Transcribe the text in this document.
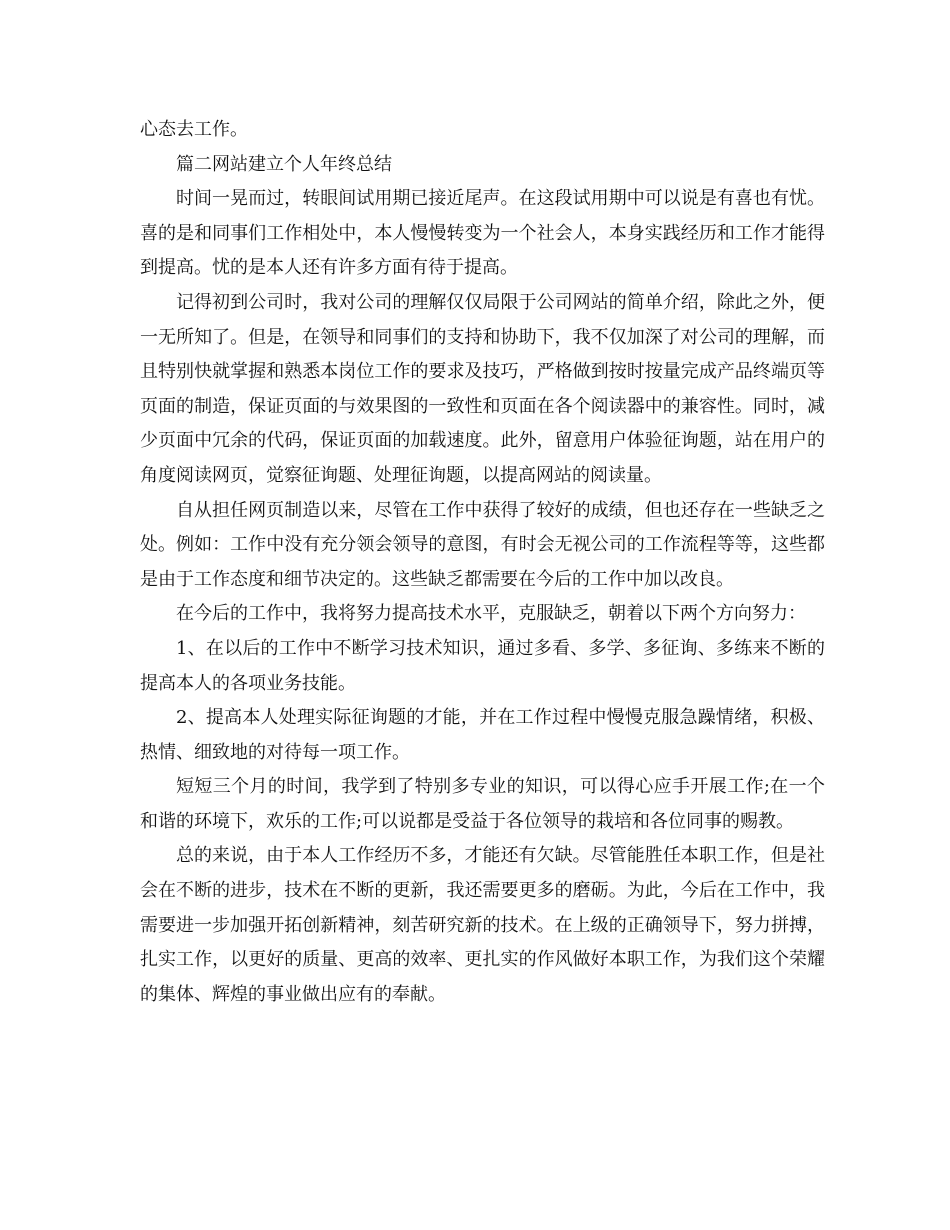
心态去工作。

篇二网站建立个人年终总结

时间一晃而过，转眼间试用期已接近尾声。在这段试用期中可以说是有喜也有忧。喜的是和同事们工作相处中，本人慢慢转变为一个社会人，本身实践经历和工作才能得到提高。忧的是本人还有许多方面有待于提高。

记得初到公司时，我对公司的理解仅仅局限于公司网站的简单介绍，除此之外，便一无所知了。但是，在领导和同事们的支持和协助下，我不仅加深了对公司的理解，而且特别快就掌握和熟悉本岗位工作的要求及技巧，严格做到按时按量完成产品终端页等页面的制造，保证页面的与效果图的一致性和页面在各个阅读器中的兼容性。同时，减少页面中冗余的代码，保证页面的加载速度。此外，留意用户体验征询题，站在用户的角度阅读网页，觉察征询题、处理征询题，以提高网站的阅读量。

自从担任网页制造以来，尽管在工作中获得了较好的成绩，但也还存在一些缺乏之处。例如：工作中没有充分领会领导的意图，有时会无视公司的工作流程等等，这些都是由于工作态度和细节决定的。这些缺乏都需要在今后的工作中加以改良。

在今后的工作中，我将努力提高技术水平，克服缺乏，朝着以下两个方向努力：

1、在以后的工作中不断学习技术知识，通过多看、多学、多征询、多练来不断的提高本人的各项业务技能。

2、提高本人处理实际征询题的才能，并在工作过程中慢慢克服急躁情绪，积极、热情、细致地的对待每一项工作。

短短三个月的时间，我学到了特别多专业的知识，可以得心应手开展工作;在一个和谐的环境下，欢乐的工作;可以说都是受益于各位领导的栽培和各位同事的赐教。

总的来说，由于本人工作经历不多，才能还有欠缺。尽管能胜任本职工作，但是社会在不断的进步，技术在不断的更新，我还需要更多的磨砺。为此，今后在工作中，我需要进一步加强开拓创新精神，刻苦研究新的技术。在上级的正确领导下，努力拼搏，扎实工作，以更好的质量、更高的效率、更扎实的作风做好本职工作，为我们这个荣耀的集体、辉煌的事业做出应有的奉献。
